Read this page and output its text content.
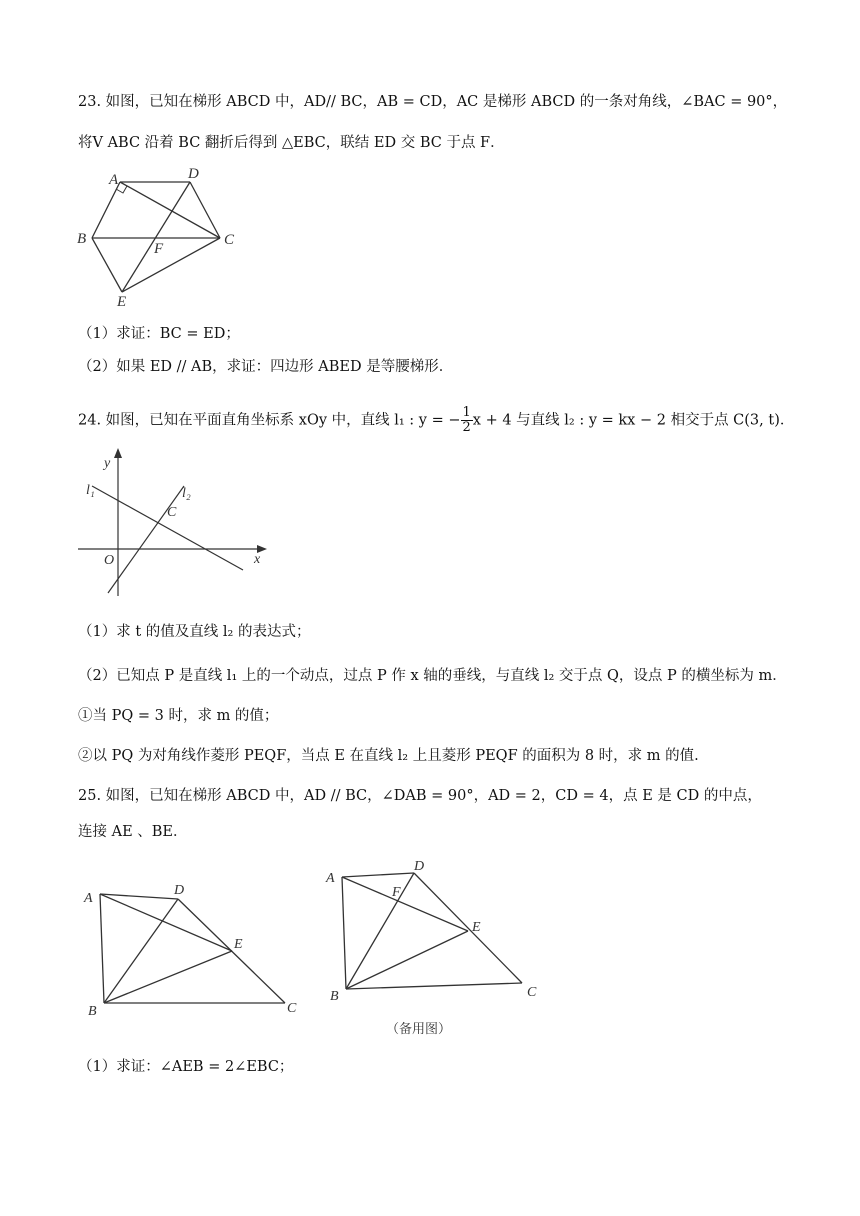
23. 如图，已知在梯形 ABCD 中，AD// BC，AB = CD，AC 是梯形 ABCD 的一条对角线，∠BAC = 90°，
将V ABC 沿着 BC 翻折后得到 △EBC，联结 ED 交 BC 于点 F．
A	D
B
F
C
E
（1）求证：BC = ED；
（2）如果 ED // AB，求证：四边形 ABED 是等腰梯形．
24. 如图，已知在平面直角坐标系 xOy 中，直线 l₁ : y = − $\frac{1}{2}$ x + 4 与直线 l₂ : y = kx − 2 相交于点 C(3, t)．
y
l₁	l₂
C
O	x
（1）求 t 的值及直线 l₂ 的表达式；
（2）已知点 P 是直线 l₁ 上的一个动点，过点 P 作 x 轴的垂线，与直线 l₂ 交于点 Q，设点 P 的横坐标为 m．
①当 PQ = 3 时，求 m 的值；
②以 PQ 为对角线作菱形 PEQF，当点 E 在直线 l₂ 上且菱形 PEQF 的面积为 8 时，求 m 的值.
25. 如图，已知在梯形 ABCD 中，AD // BC，∠DAB = 90°，AD = 2，CD = 4，点 E 是 CD 的中点，
连接 AE 、BE．
A
D
E
B	C
A
D
F
E
B	C
（备用图）
（1）求证：∠AEB = 2∠EBC；
